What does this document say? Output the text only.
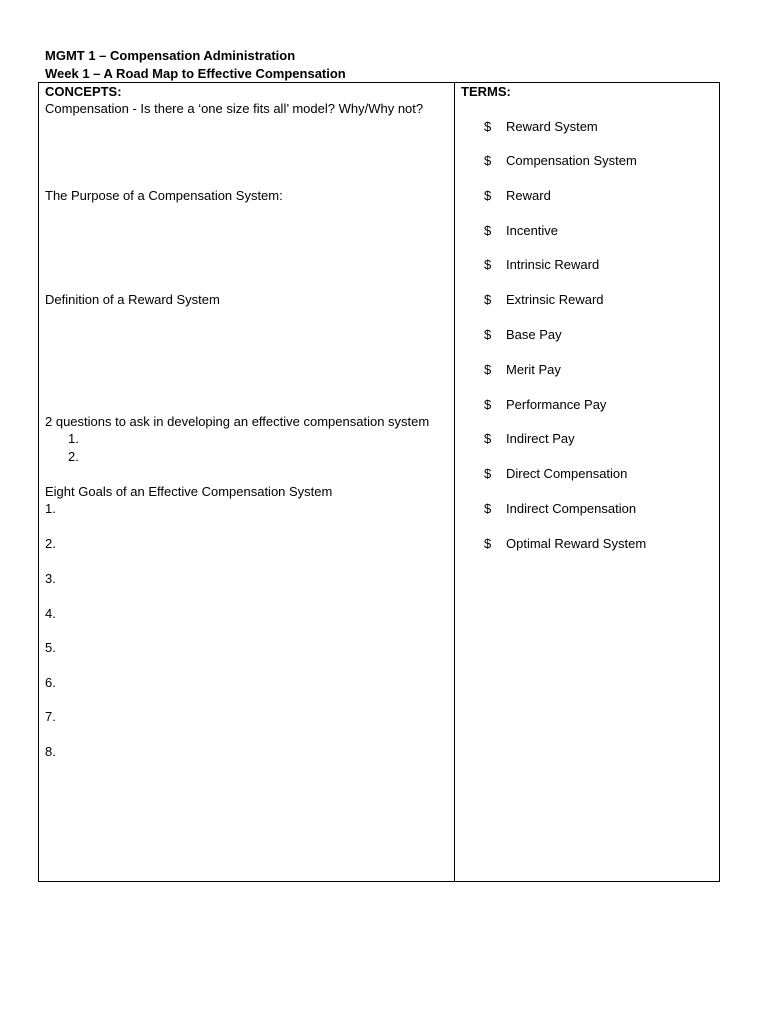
MGMT 1 – Compensation Administration
Week 1 – A Road Map to Effective Compensation
CONCEPTS:
Compensation - Is there a ‘one size fits all’ model? Why/Why not?
The Purpose of a Compensation System:
Definition of a Reward System
2 questions to ask in developing an effective compensation system
1.
2.
Eight Goals of an Effective Compensation System
1.
2.
3.
4.
5.
6.
7.
8.
TERMS:
$ Reward System
$ Compensation System
$ Reward
$ Incentive
$ Intrinsic Reward
$ Extrinsic Reward
$ Base Pay
$ Merit Pay
$ Performance Pay
$ Indirect Pay
$ Direct Compensation
$ Indirect Compensation
$ Optimal Reward System
